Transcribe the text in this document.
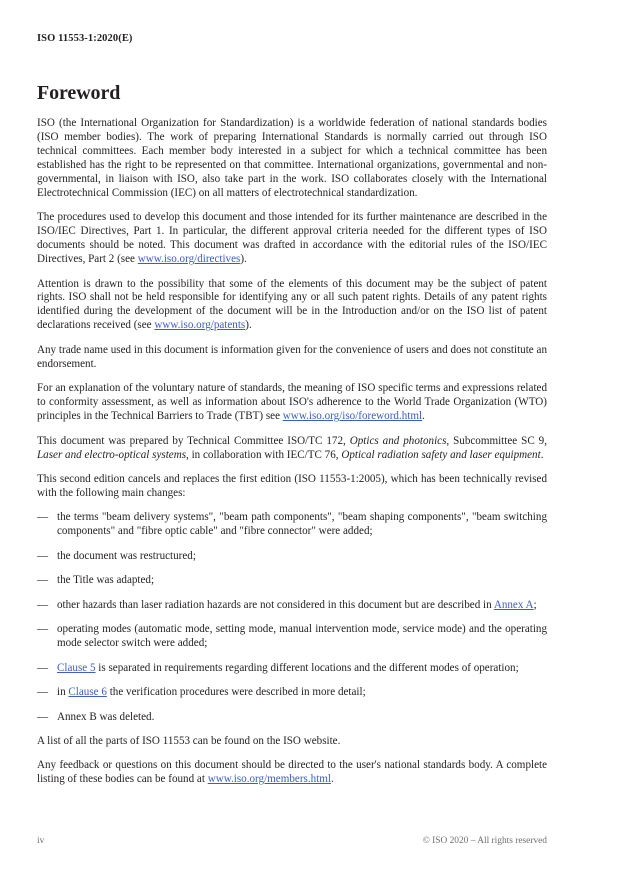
ISO 11553-1:2020(E)
Foreword

ISO (the International Organization for Standardization) is a worldwide federation of national standards bodies (ISO member bodies). The work of preparing International Standards is normally carried out through ISO technical committees. Each member body interested in a subject for which a technical committee has been established has the right to be represented on that committee. International organizations, governmental and non-governmental, in liaison with ISO, also take part in the work. ISO collaborates closely with the International Electrotechnical Commission (IEC) on all matters of electrotechnical standardization.

The procedures used to develop this document and those intended for its further maintenance are described in the ISO/IEC Directives, Part 1. In particular, the different approval criteria needed for the different types of ISO documents should be noted. This document was drafted in accordance with the editorial rules of the ISO/IEC Directives, Part 2 (see www.iso.org/directives).

Attention is drawn to the possibility that some of the elements of this document may be the subject of patent rights. ISO shall not be held responsible for identifying any or all such patent rights. Details of any patent rights identified during the development of the document will be in the Introduction and/or on the ISO list of patent declarations received (see www.iso.org/patents).

Any trade name used in this document is information given for the convenience of users and does not constitute an endorsement.

For an explanation of the voluntary nature of standards, the meaning of ISO specific terms and expressions related to conformity assessment, as well as information about ISO's adherence to the World Trade Organization (WTO) principles in the Technical Barriers to Trade (TBT) see www.iso.org/iso/foreword.html.

This document was prepared by Technical Committee ISO/TC 172, Optics and photonics, Subcommittee SC 9, Laser and electro-optical systems, in collaboration with IEC/TC 76, Optical radiation safety and laser equipment.

This second edition cancels and replaces the first edition (ISO 11553-1:2005), which has been technically revised with the following main changes:

— the terms "beam delivery systems", "beam path components", "beam shaping components", "beam switching components" and "fibre optic cable" and "fibre connector" were added;
— the document was restructured;
— the Title was adapted;
— other hazards than laser radiation hazards are not considered in this document but are described in Annex A;
— operating modes (automatic mode, setting mode, manual intervention mode, service mode) and the operating mode selector switch were added;
— Clause 5 is separated in requirements regarding different locations and the different modes of operation;
— in Clause 6 the verification procedures were described in more detail;
— Annex B was deleted.

A list of all the parts of ISO 11553 can be found on the ISO website.

Any feedback or questions on this document should be directed to the user's national standards body. A complete listing of these bodies can be found at www.iso.org/members.html.

iv	© ISO 2020 – All rights reserved
